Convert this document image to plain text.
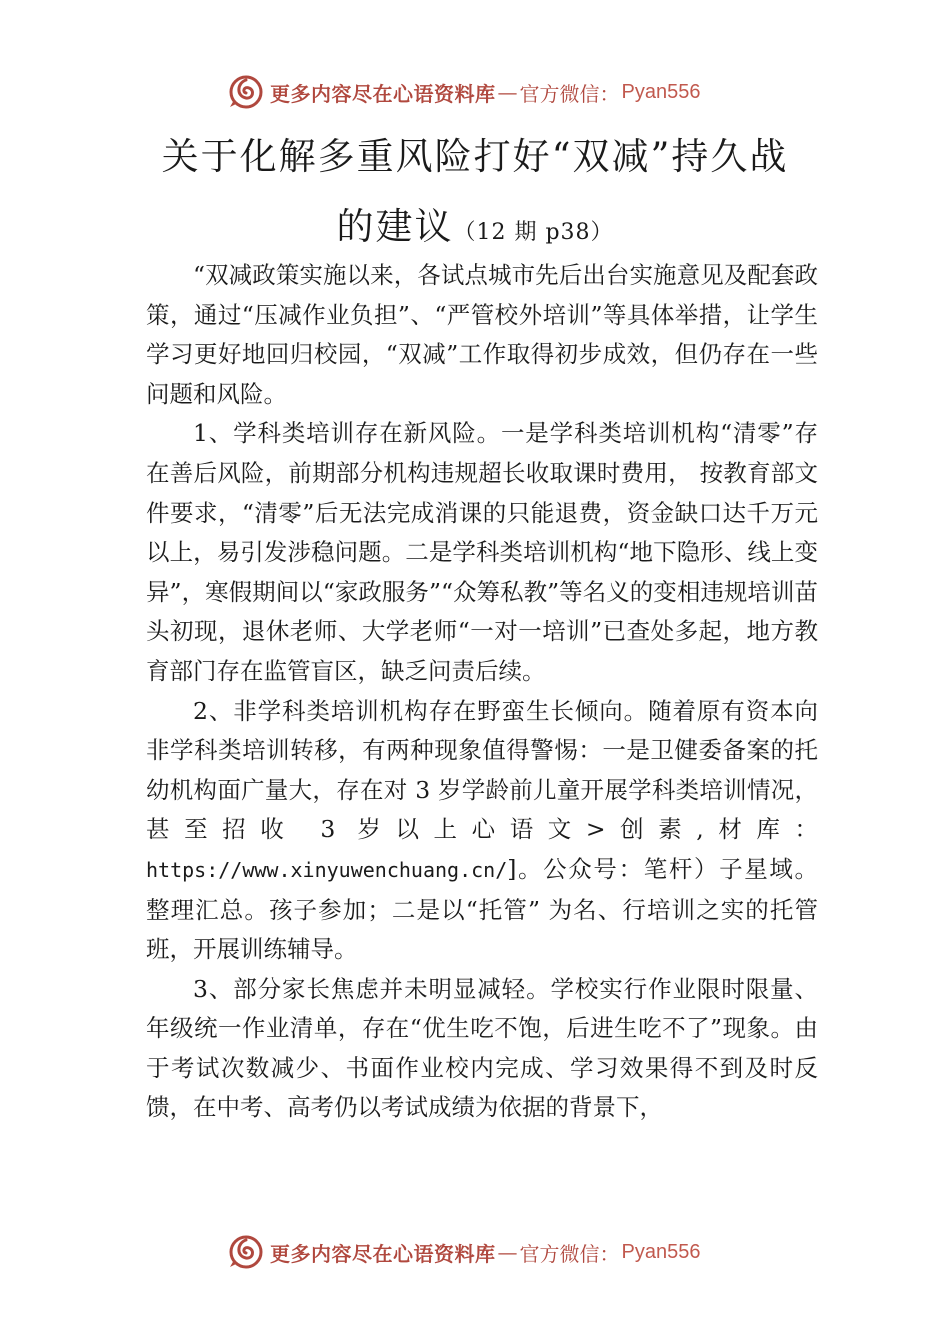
更多内容尽在心语资料库 — 官方微信： Pyan556
关于化解多重风险打好“双减”持久战
的建议（12 期 p38）

“双减政策实施以来，各试点城市先后出台实施意见及配套政策，通过“压减作业负担”、“严管校外培训”等具体举措，让学生学习更好地回归校园，“双减”工作取得初步成效，但仍存在一些问题和风险。

1、学科类培训存在新风险。一是学科类培训机构“清零”存在善后风险，前期部分机构违规超长收取课时费用， 按教育部文件要求，“清零”后无法完成消课的只能退费，资金缺口达千万元以上，易引发涉稳问题。二是学科类培训机构“地下隐形、线上变异”，寒假期间以“家政服务”“众筹私教”等名义的变相违规培训苗头初现，退休老师、大学老师“一对一培训”已查处多起，地方教育部门存在监管盲区，缺乏问责后续。

2、非学科类培训机构存在野蛮生长倾向。随着原有资本向非学科类培训转移，有两种现象值得警惕：一是卫健委备案的托幼机构面广量大，存在对 3 岁学龄前儿童开展学科类培训情况，甚至招收 3 岁以上心语文>创素,材库：https://www.xinyuwenchuang.cn/]。公众号：笔杆）子星域。整理汇总。孩子参加；二是以“托管” 为名、行培训之实的托管班，开展训练辅导。

3、部分家长焦虑并未明显减轻。学校实行作业限时限量、年级统一作业清单，存在“优生吃不饱，后进生吃不了”现象。由于考试次数减少、书面作业校内完成、学习效果得不到及时反馈，在中考、高考仍以考试成绩为依据的背景下，

更多内容尽在心语资料库 — 官方微信： Pyan556
